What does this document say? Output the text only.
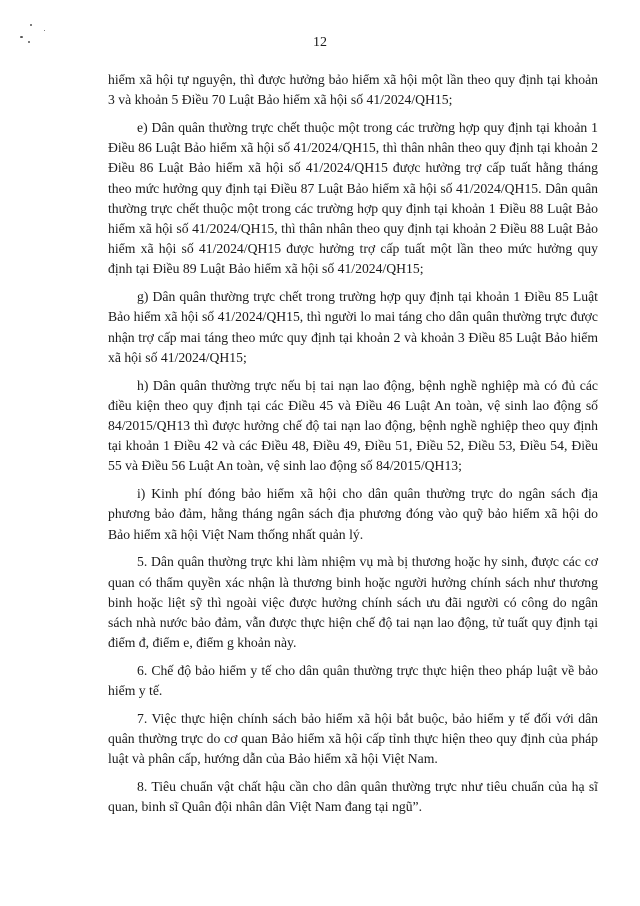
12

hiểm xã hội tự nguyện, thì được hưởng bảo hiểm xã hội một lần theo quy định tại khoản 3 và khoản 5 Điều 70 Luật Bảo hiểm xã hội số 41/2024/QH15;

e) Dân quân thường trực chết thuộc một trong các trường hợp quy định tại khoản 1 Điều 86 Luật Bảo hiểm xã hội số 41/2024/QH15, thì thân nhân theo quy định tại khoản 2 Điều 86 Luật Bảo hiểm xã hội số 41/2024/QH15 được hưởng trợ cấp tuất hằng tháng theo mức hưởng quy định tại Điều 87 Luật Bảo hiểm xã hội số 41/2024/QH15. Dân quân thường trực chết thuộc một trong các trường hợp quy định tại khoản 1 Điều 88 Luật Bảo hiểm xã hội số 41/2024/QH15, thì thân nhân theo quy định tại khoản 2 Điều 88 Luật Bảo hiểm xã hội số 41/2024/QH15 được hưởng trợ cấp tuất một lần theo mức hưởng quy định tại Điều 89 Luật Bảo hiểm xã hội số 41/2024/QH15;

g) Dân quân thường trực chết trong trường hợp quy định tại khoản 1 Điều 85 Luật Bảo hiểm xã hội số 41/2024/QH15, thì người lo mai táng cho dân quân thường trực được nhận trợ cấp mai táng theo mức quy định tại khoản 2 và khoản 3 Điều 85 Luật Bảo hiểm xã hội số 41/2024/QH15;

h) Dân quân thường trực nếu bị tai nạn lao động, bệnh nghề nghiệp mà có đủ các điều kiện theo quy định tại các Điều 45 và Điều 46 Luật An toàn, vệ sinh lao động số 84/2015/QH13 thì được hưởng chế độ tai nạn lao động, bệnh nghề nghiệp theo quy định tại khoản 1 Điều 42 và các Điều 48, Điều 49, Điều 51, Điều 52, Điều 53, Điều 54, Điều 55 và Điều 56 Luật An toàn, vệ sinh lao động số 84/2015/QH13;

i) Kinh phí đóng bảo hiểm xã hội cho dân quân thường trực do ngân sách địa phương bảo đảm, hằng tháng ngân sách địa phương đóng vào quỹ bảo hiểm xã hội do Bảo hiểm xã hội Việt Nam thống nhất quản lý.

5. Dân quân thường trực khi làm nhiệm vụ mà bị thương hoặc hy sinh, được các cơ quan có thẩm quyền xác nhận là thương binh hoặc người hưởng chính sách như thương binh hoặc liệt sỹ thì ngoài việc được hưởng chính sách ưu đãi người có công do ngân sách nhà nước bảo đảm, vẫn được thực hiện chế độ tai nạn lao động, tử tuất quy định tại điểm đ, điểm e, điểm g khoản này.

6. Chế độ bảo hiểm y tế cho dân quân thường trực thực hiện theo pháp luật về bảo hiểm y tế.

7. Việc thực hiện chính sách bảo hiểm xã hội bắt buộc, bảo hiểm y tế đối với dân quân thường trực do cơ quan Bảo hiểm xã hội cấp tỉnh thực hiện theo quy định của pháp luật và phân cấp, hướng dẫn của Bảo hiểm xã hội Việt Nam.

8. Tiêu chuẩn vật chất hậu cần cho dân quân thường trực như tiêu chuẩn của hạ sĩ quan, binh sĩ Quân đội nhân dân Việt Nam đang tại ngũ”.
